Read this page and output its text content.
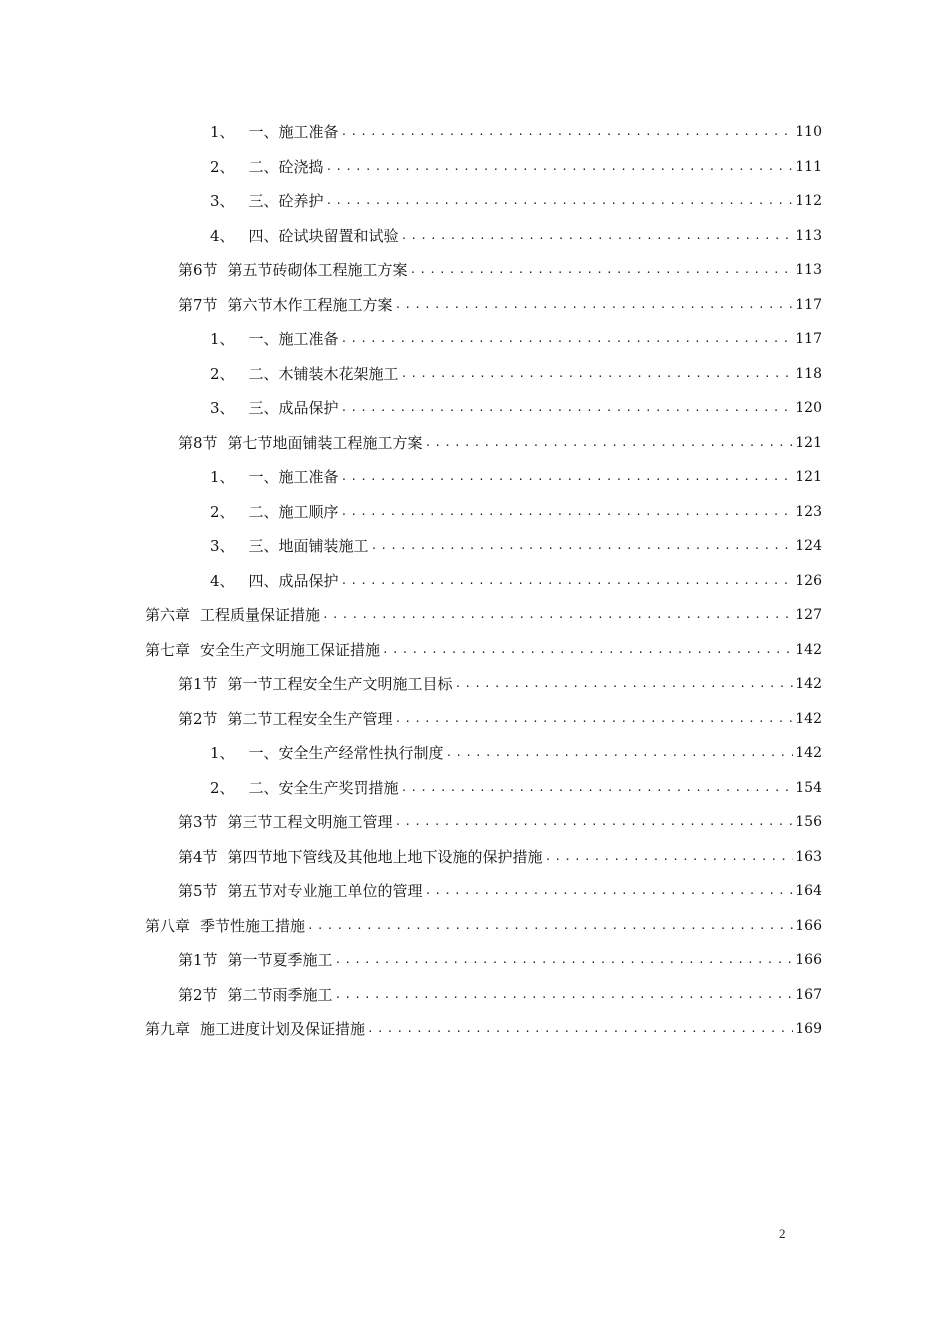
1、 一、施工准备 .....	110
2、 二、砼浇捣 .....	111
3、 三、砼养护 .....	112
4、 四、砼试块留置和试验 .....	113
第6节 第五节砖砌体工程施工方案 .....	113
第7节 第六节木作工程施工方案 .....	117
1、 一、施工准备 .....	117
2、 二、木铺装木花架施工 .....	118
3、 三、成品保护 .....	120
第8节 第七节地面铺装工程施工方案 .....	121
1、 一、施工准备 .....	121
2、 二、施工顺序 .....	123
3、 三、地面铺装施工 .....	124
4、 四、成品保护 .....	126
第六章 工程质量保证措施 .....	127
第七章 安全生产文明施工保证措施 .....	142
第1节 第一节工程安全生产文明施工目标 .....	142
第2节 第二节工程安全生产管理 .....	142
1、 一、安全生产经常性执行制度 .....	142
2、 二、安全生产奖罚措施 .....	154
第3节 第三节工程文明施工管理 .....	156
第4节 第四节地下管线及其他地上地下设施的保护措施 .....	163
第5节 第五节对专业施工单位的管理 .....	164
第八章 季节性施工措施 .....	166
第1节 第一节夏季施工 .....	166
第2节 第二节雨季施工 .....	167
第九章 施工进度计划及保证措施 .....	169
2
